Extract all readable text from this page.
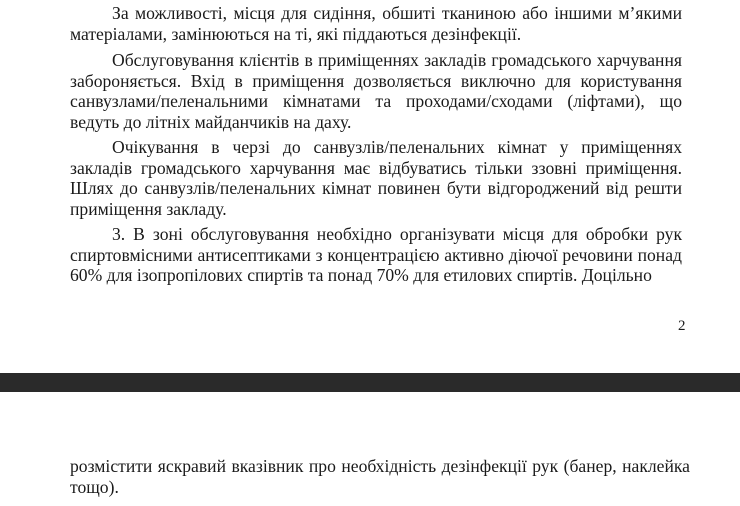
За можливості, місця для сидіння, обшиті тканиною або іншими м’якими матеріалами, замінюються на ті, які піддаються дезінфекції.

Обслуговування клієнтів в приміщеннях закладів громадського харчування забороняється. Вхід в приміщення дозволяється виключно для користування санвузлами/пеленальними кімнатами та проходами/сходами (ліфтами), що ведуть до літніх майданчиків на даху.

Очікування в черзі до санвузлів/пеленальних кімнат у приміщеннях закладів громадського харчування має відбуватись тільки ззовні приміщення. Шлях до санвузлів/пеленальних кімнат повинен бути відгороджений від решти приміщення закладу.

3. В зоні обслуговування необхідно організувати місця для обробки рук спиртовмісними антисептиками з концентрацією активно діючої речовини понад 60% для ізопропілових спиртів та понад 70% для етилових спиртів. Доцільно

2

розмістити яскравий вказівник про необхідність дезінфекції рук (банер, наклейка тощо).
